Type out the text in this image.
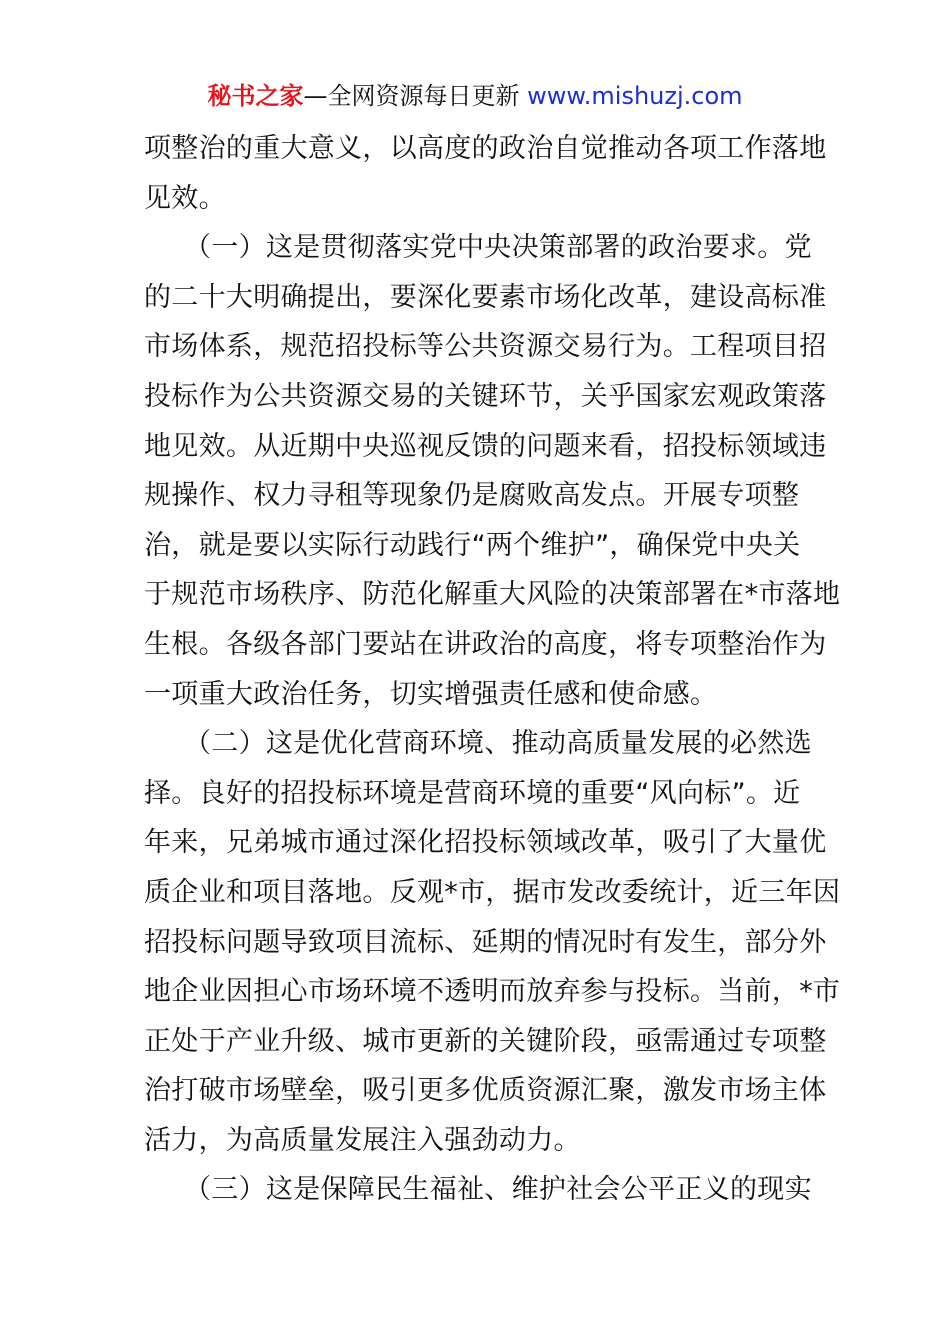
秘书之家—全网资源每日更新 www.mishuzj.com
项整治的重大意义，以高度的政治自觉推动各项工作落地
见效。
（一）这是贯彻落实党中央决策部署的政治要求。党
的二十大明确提出，要深化要素市场化改革，建设高标准
市场体系，规范招投标等公共资源交易行为。工程项目招
投标作为公共资源交易的关键环节，关乎国家宏观政策落
地见效。从近期中央巡视反馈的问题来看，招投标领域违
规操作、权力寻租等现象仍是腐败高发点。开展专项整
治，就是要以实际行动践行“两个维护”，确保党中央关
于规范市场秩序、防范化解重大风险的决策部署在*市落地
生根。各级各部门要站在讲政治的高度，将专项整治作为
一项重大政治任务，切实增强责任感和使命感。
（二）这是优化营商环境、推动高质量发展的必然选
择。良好的招投标环境是营商环境的重要“风向标”。近
年来，兄弟城市通过深化招投标领域改革，吸引了大量优
质企业和项目落地。反观*市，据市发改委统计，近三年因
招投标问题导致项目流标、延期的情况时有发生，部分外
地企业因担心市场环境不透明而放弃参与投标。当前，*市
正处于产业升级、城市更新的关键阶段，亟需通过专项整
治打破市场壁垒，吸引更多优质资源汇聚，激发市场主体
活力，为高质量发展注入强劲动力。
（三）这是保障民生福祉、维护社会公平正义的现实
